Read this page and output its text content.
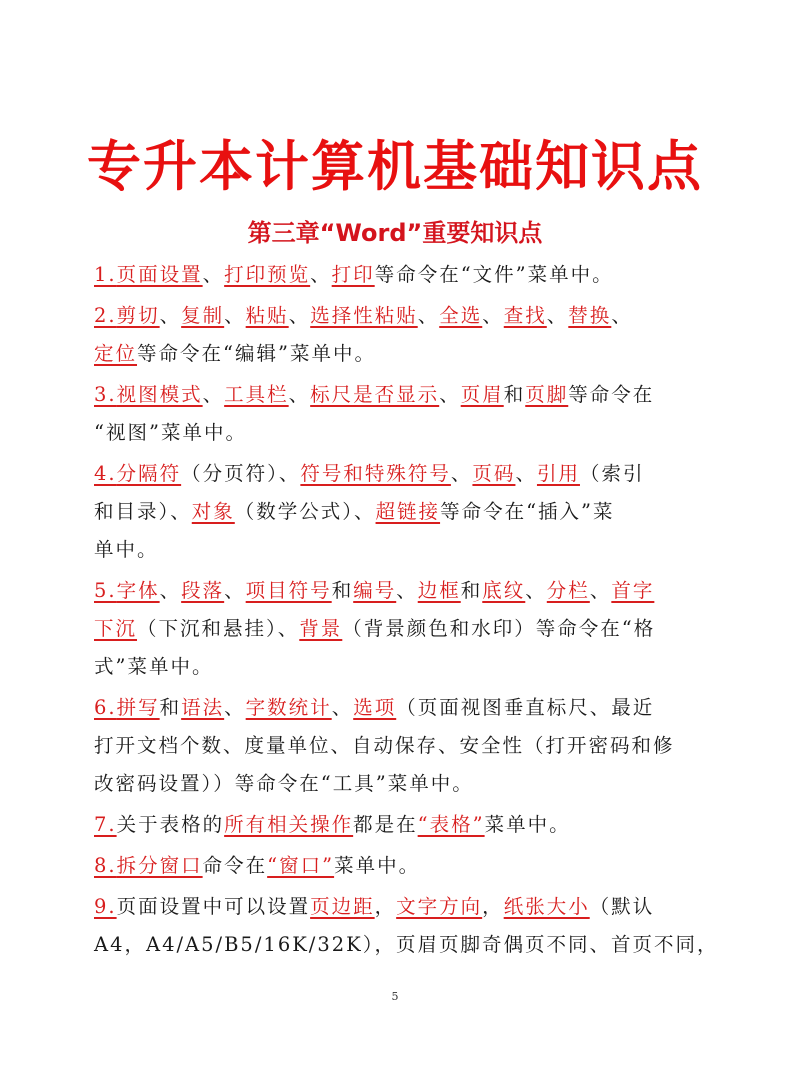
专升本计算机基础知识点
第三章“Word”重要知识点
1.页面设置、打印预览、打印等命令在“文件”菜单中。
2.剪切、复制、粘贴、选择性粘贴、全选、查找、替换、
定位等命令在“编辑”菜单中。
3.视图模式、工具栏、标尺是否显示、页眉和页脚等命令在
“视图”菜单中。
4.分隔符（分页符）、符号和特殊符号、页码、引用（索引
和目录）、对象（数学公式）、超链接等命令在“插入”菜
单中。
5.字体、段落、项目符号和编号、边框和底纹、分栏、首字
下沉（下沉和悬挂）、背景（背景颜色和水印）等命令在“格
式”菜单中。
6.拼写和语法、字数统计、选项（页面视图垂直标尺、最近
打开文档个数、度量单位、自动保存、安全性（打开密码和修
改密码设置））等命令在“工具”菜单中。
7.关于表格的所有相关操作都是在“表格”菜单中。
8.拆分窗口命令在“窗口”菜单中。
9.页面设置中可以设置页边距，文字方向，纸张大小（默认
A4，A4/A5/B5/16K/32K），页眉页脚奇偶页不同、首页不同，
5
